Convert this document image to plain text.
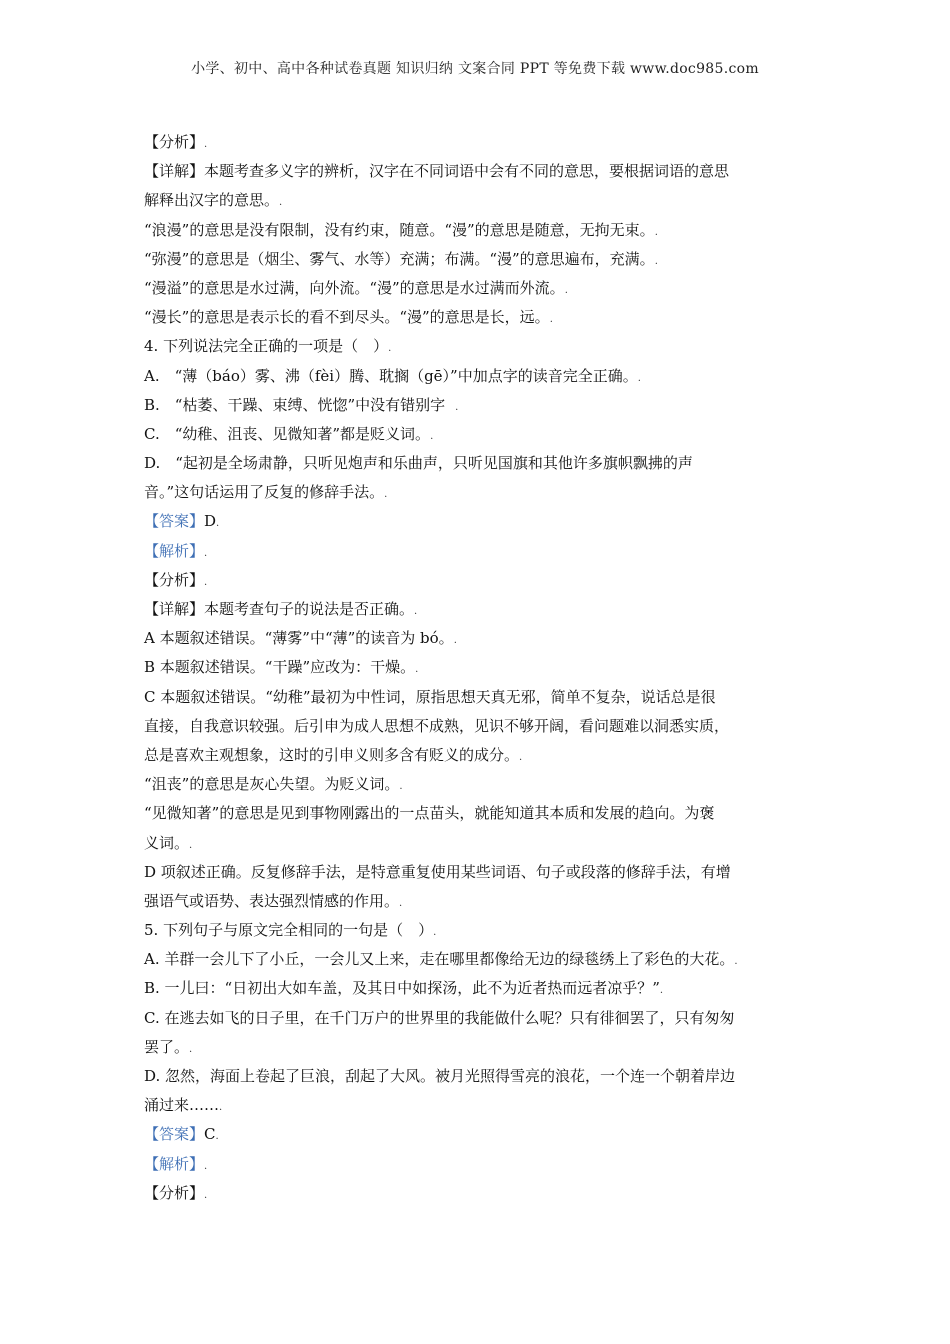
小学、初中、高中各种试卷真题 知识归纳 文案合同 PPT 等免费下载 www.doc985.com
【分析】.
【详解】本题考查多义字的辨析，汉字在不同词语中会有不同的意思，要根据词语的意思
解释出汉字的意思。.
“浪漫”的意思是没有限制，没有约束，随意。“漫”的意思是随意，无拘无束。.
“弥漫”的意思是（烟尘、雾气、水等）充满；布满。“漫”的意思遍布，充满。.
“漫溢”的意思是水过满，向外流。“漫”的意思是水过满而外流。.
“漫长”的意思是表示长的看不到尽头。“漫”的意思是长，远。.
4. 下列说法完全正确的一项是（　）.
A.　“薄（báo）雾、沸（fèi）腾、耽搁（gē）”中加点字的读音完全正确。.
B.　“枯萎、干躁、束缚、恍惚”中没有错别字　.
C.　“幼稚、沮丧、见微知著”都是贬义词。.
D.　“起初是全场肃静，只听见炮声和乐曲声，只听见国旗和其他许多旗帜飘拂的声
音。”这句话运用了反复的修辞手法。.
【答案】D.
【解析】.
【分析】.
【详解】本题考查句子的说法是否正确。.
A 本题叙述错误。“薄雾”中“薄”的读音为 bó。.
B 本题叙述错误。“干躁”应改为：干燥。.
C 本题叙述错误。“幼稚”最初为中性词，原指思想天真无邪，简单不复杂，说话总是很
直接，自我意识较强。后引申为成人思想不成熟，见识不够开阔，看问题难以洞悉实质，
总是喜欢主观想象，这时的引申义则多含有贬义的成分。.
“沮丧”的意思是灰心失望。为贬义词。.
“见微知著”的意思是见到事物刚露出的一点苗头，就能知道其本质和发展的趋向。为褒
义词。.
D 项叙述正确。反复修辞手法，是特意重复使用某些词语、句子或段落的修辞手法，有增
强语气或语势、表达强烈情感的作用。.
5. 下列句子与原文完全相同的一句是（　）.
A. 羊群一会儿下了小丘，一会儿又上来，走在哪里都像给无边的绿毯绣上了彩色的大花。.
B. 一儿曰：“日初出大如车盖，及其日中如探汤，此不为近者热而远者凉乎？”.
C. 在逃去如飞的日子里，在千门万户的世界里的我能做什么呢？只有徘徊罢了，只有匆匆
罢了。.
D. 忽然，海面上卷起了巨浪，刮起了大风。被月光照得雪亮的浪花，一个连一个朝着岸边
涌过来…….
【答案】C.
【解析】.
【分析】.
